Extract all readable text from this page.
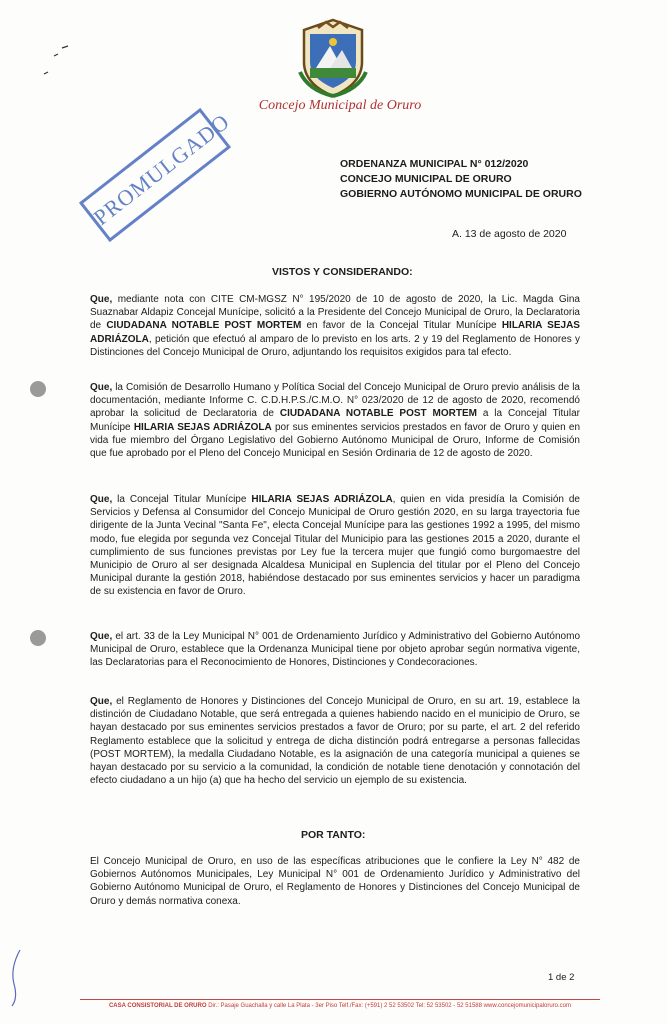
Concejo Municipal de Oruro
PROMULGADO	ORDENANZA MUNICIPAL N° 012/2020
CONCEJO MUNICIPAL DE ORURO
GOBIERNO AUTÓNOMO MUNICIPAL DE ORURO
A. 13 de agosto de 2020
VISTOS Y CONSIDERANDO:
Que, mediante nota con CITE CM-MGSZ N° 195/2020 de 10 de agosto de 2020, la Lic. Magda Gina Suaznabar Aldapiz Concejal Munícipe, solicitó a la Presidente del Concejo Municipal de Oruro, la Declaratoria de CIUDADANA NOTABLE POST MORTEM en favor de la Concejal Titular Munícipe HILARIA SEJAS ADRIÁZOLA, petición que efectuó al amparo de lo previsto en los arts. 2 y 19 del Reglamento de Honores y Distinciones del Concejo Municipal de Oruro, adjuntando los requisitos exigidos para tal efecto.
Que, la Comisión de Desarrollo Humano y Política Social del Concejo Municipal de Oruro previo análisis de la documentación, mediante Informe C. C.D.H.P.S./C.M.O. N° 023/2020 de 12 de agosto de 2020, recomendó aprobar la solicitud de Declaratoria de CIUDADANA NOTABLE POST MORTEM a la Concejal Titular Munícipe HILARIA SEJAS ADRIÁZOLA por sus eminentes servicios prestados en favor de Oruro y quien en vida fue miembro del Órgano Legislativo del Gobierno Autónomo Municipal de Oruro, Informe de Comisión que fue aprobado por el Pleno del Concejo Municipal en Sesión Ordinaria de 12 de agosto de 2020.
Que, la Concejal Titular Munícipe HILARIA SEJAS ADRIÁZOLA, quien en vida presidía la Comisión de Servicios y Defensa al Consumidor del Concejo Municipal de Oruro gestión 2020, en su larga trayectoria fue dirigente de la Junta Vecinal "Santa Fe", electa Concejal Munícipe para las gestiones 1992 a 1995, del mismo modo, fue elegida por segunda vez Concejal Titular del Municipio para las gestiones 2015 a 2020, durante el cumplimiento de sus funciones previstas por Ley fue la tercera mujer que fungió como burgomaestre del Municipio de Oruro al ser designada Alcaldesa Municipal en Suplencia del titular por el Pleno del Concejo Municipal durante la gestión 2018, habiéndose destacado por sus eminentes servicios y hacer un paradigma de su existencia en favor de Oruro.
Que, el art. 33 de la Ley Municipal N° 001 de Ordenamiento Jurídico y Administrativo del Gobierno Autónomo Municipal de Oruro, establece que la Ordenanza Municipal tiene por objeto aprobar según normativa vigente, las Declaratorias para el Reconocimiento de Honores, Distinciones y Condecoraciones.
Que, el Reglamento de Honores y Distinciones del Concejo Municipal de Oruro, en su art. 19, establece la distinción de Ciudadano Notable, que será entregada a quienes habiendo nacido en el municipio de Oruro, se hayan destacado por sus eminentes servicios prestados a favor de Oruro; por su parte, el art. 2 del referido Reglamento establece que la solicitud y entrega de dicha distinción podrá entregarse a personas fallecidas (POST MORTEM), la medalla Ciudadano Notable, es la asignación de una categoría municipal a quienes se hayan destacado por su servicio a la comunidad, la condición de notable tiene denotación y connotación del efecto ciudadano a un hijo (a) que ha hecho del servicio un ejemplo de su existencia.
POR TANTO:
El Concejo Municipal de Oruro, en uso de las específicas atribuciones que le confiere la Ley N° 482 de Gobiernos Autónomos Municipales, Ley Municipal N° 001 de Ordenamiento Jurídico y Administrativo del Gobierno Autónomo Municipal de Oruro, el Reglamento de Honores y Distinciones del Concejo Municipal de Oruro y demás normativa conexa.
1 de 2
CASA CONSISTORIAL DE ORURO Dir.: Pasaje Guachalla y calle La Plata - 3er Piso Telf./Fax: (+591) 2 52 53502 Tel: 52 53502 - 52 51588 www.concejomunicipaloruro.com
